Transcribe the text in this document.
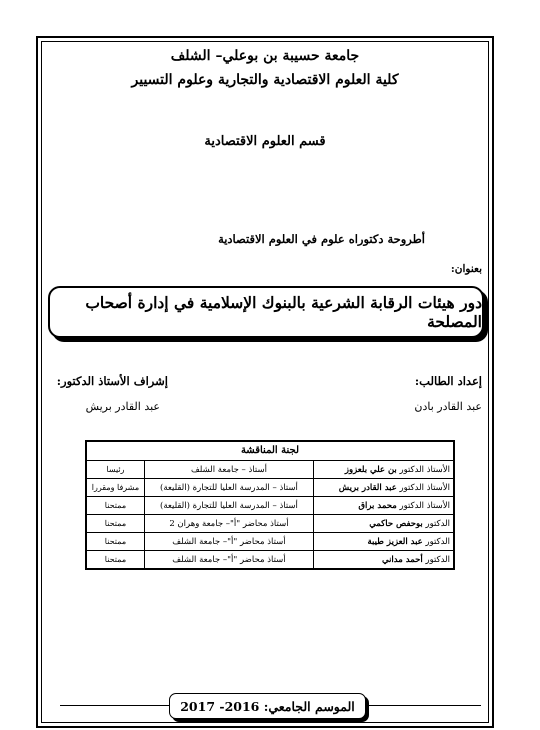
جامعة حسيبة بن بوعلي– الشلف
كلية العلوم الاقتصادية والتجارية وعلوم التسيير
قسم العلوم الاقتصادية
أطروحة دكتوراه علوم في العلوم الاقتصادية
بعنوان:
دور هيئات الرقابة الشرعية بالبنوك الإسلامية في إدارة أصحاب المصلحة
إعداد الطالب:
عبد القادر بادن
إشراف الأستاذ الدكتور:
عبد القادر بريش
لجنة المناقشة		
الأستاذ الدكتور بن علي بلعزوز	أستاذ – جامعة الشلف	رئيسا
الأستاذ الدكتور عبد القادر بريش	أستاذ – المدرسة العليا للتجارة (القليعة)	مشرفا ومقررا
الأستاذ الدكتور محمد براق	أستاذ – المدرسة العليا للتجارة (القليعة)	ممتحنا
الدكتور بوحفص حاكمي	أستاذ محاضر "أ"– جامعة وهران 2	ممتحنا
الدكتور عبد العزيز طيبة	أستاذ محاضر "أ"– جامعة الشلف	ممتحنا
الدكتور أحمد مداني	أستاذ محاضر "أ"– جامعة الشلف	ممتحنا
الموسم الجامعي: 2016- 2017
